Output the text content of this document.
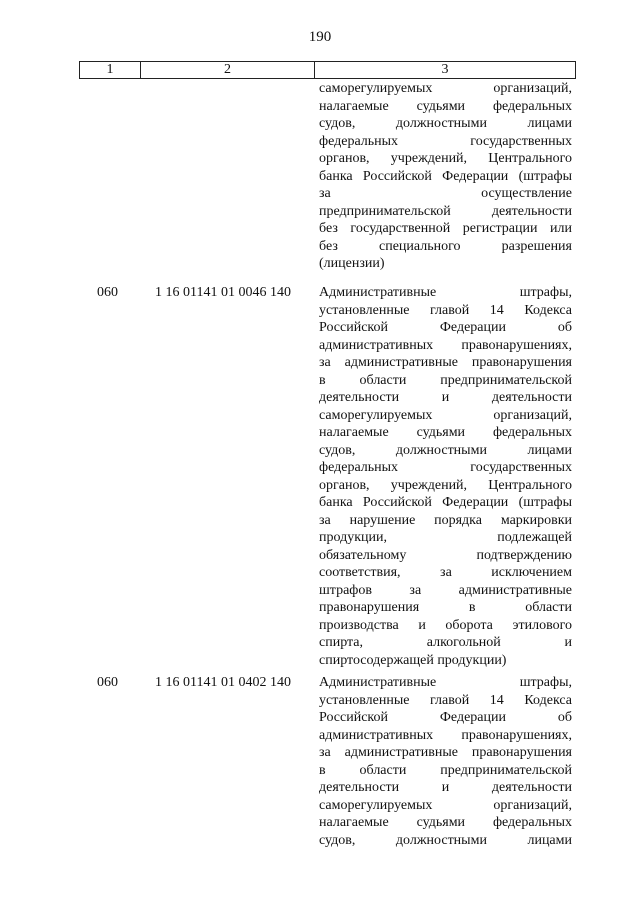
190
1	2	3
саморегулируемых организаций,
налагаемые судьями федеральных
судов, должностными лицами
федеральных государственных
органов, учреждений, Центрального
банка Российской Федерации (штрафы
за осуществление
предпринимательской деятельности
без государственной регистрации или
без специального разрешения
(лицензии)
060	1 16 01141 01 0046 140 Административные штрафы,
установленные главой 14 Кодекса
Российской Федерации об
административных правонарушениях,
за административные правонарушения
в области предпринимательской
деятельности и деятельности
саморегулируемых организаций,
налагаемые судьями федеральных
судов, должностными лицами
федеральных государственных
органов, учреждений, Центрального
банка Российской Федерации (штрафы
за нарушение порядка маркировки
продукции, подлежащей
обязательному подтверждению
соответствия, за исключением
штрафов за административные
правонарушения в области
производства и оборота этилового
спирта, алкогольной и
спиртосодержащей продукции)
060	1 16 01141 01 0402 140 Административные штрафы,
установленные главой 14 Кодекса
Российской Федерации об
административных правонарушениях,
за административные правонарушения
в области предпринимательской
деятельности и деятельности
саморегулируемых организаций,
налагаемые судьями федеральных
судов, должностными лицами
